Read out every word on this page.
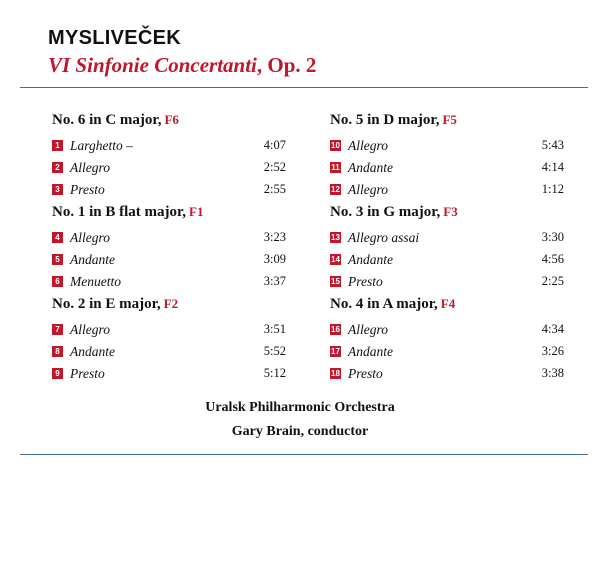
MYSLIVEČEK
VI Sinfonie Concertanti, Op. 2
No. 6 in C major, F6
1 Larghetto –	4:07
2 Allegro	2:52
3 Presto	2:55
No. 1 in B flat major, F1
4 Allegro	3:23
5 Andante	3:09
6 Menuetto	3:37
No. 2 in E major, F2
7 Allegro	3:51
8 Andante	5:52
9 Presto	5:12
No. 5 in D major, F5
10 Allegro	5:43
11 Andante	4:14
12 Allegro	1:12
No. 3 in G major, F3
13 Allegro assai	3:30
14 Andante	4:56
15 Presto	2:25
No. 4 in A major, F4
16 Allegro	4:34
17 Andante	3:26
18 Presto	3:38
Uralsk Philharmonic Orchestra
Gary Brain, conductor
